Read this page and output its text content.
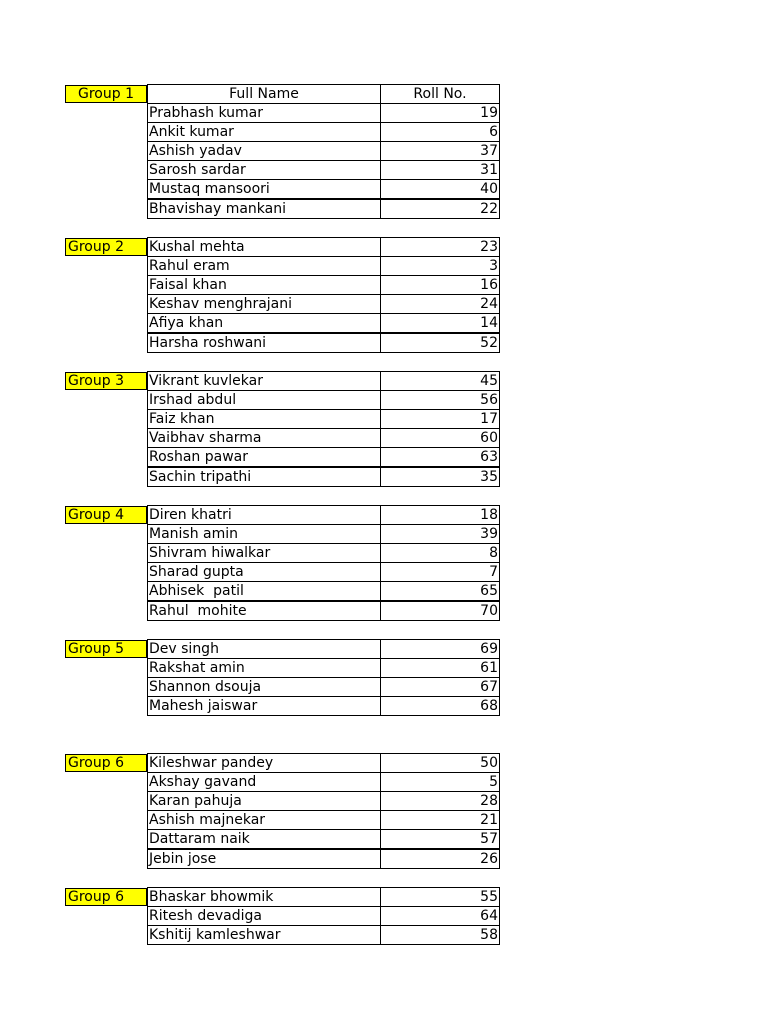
Group 1	Full Name	Roll No.
Prabhash kumar	19
Ankit kumar	6
Ashish yadav	37
Sarosh sardar	31
Mustaq mansoori	40
Bhavishay mankani	22
Group 2	Kushal mehta	23
Rahul eram	3
Faisal khan	16
Keshav menghrajani	24
Afiya khan	14
Harsha roshwani	52
Group 3	Vikrant kuvlekar	45
Irshad abdul	56
Faiz khan	17
Vaibhav sharma	60
Roshan pawar	63
Sachin tripathi	35
Group 4	Diren khatri	18
Manish amin	39
Shivram hiwalkar	8
Sharad gupta	7
Abhisek  patil	65
Rahul  mohite	70
Group 5	Dev singh	69
Rakshat amin	61
Shannon dsouja	67
Mahesh jaiswar	68
Group 6	Kileshwar pandey	50
Akshay gavand	5
Karan pahuja	28
Ashish majnekar	21
Dattaram naik	57
Jebin jose	26
Group 6	Bhaskar bhowmik	55
Ritesh devadiga	64
Kshitij kamleshwar	58
